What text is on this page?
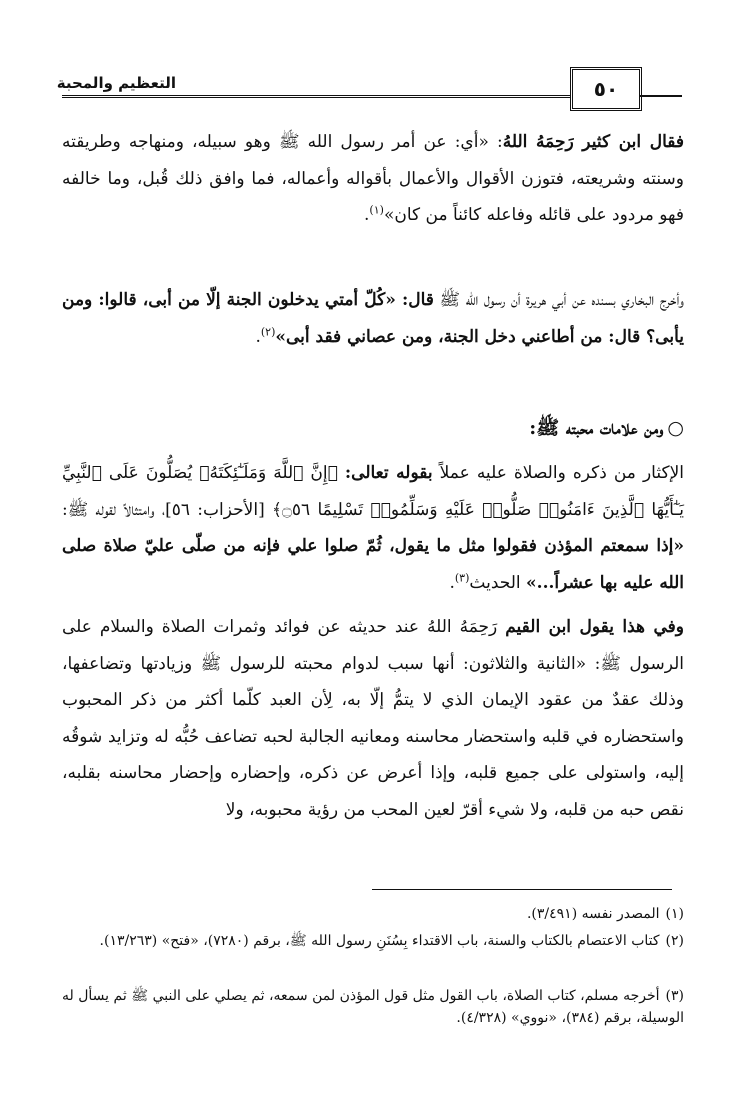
التعظيم والمحبة	٥٠
فقال ابن كثير رَحِمَهُ اللهُ: «أي: عن أمر رسول الله ﷺ وهو سبيله، ومنهاجه وطريقته وسنته وشريعته، فتوزن الأقوال والأعمال بأقواله وأعماله، فما وافق ذلك قُبل، وما خالفه فهو مردود على قائله وفاعله كائناً من كان»$^{(١)}$.
وأخرج البخاري بسنده عن أبي هريرة أن رسول الله ﷺ قال: «كُلّ أمتي يدخلون الجنة إلّا من أبى، قالوا: ومن يأبى؟ قال: من أطاعني دخل الجنة، ومن عصاني فقد أبى»$^{(٢)}$.
○ومن علامات محبته ﷺ:
الإكثار من ذكره والصلاة عليه عملاً بقوله تعالى: ﴿إِنَّ ٱللَّهَ وَمَلَـٰٓئِكَتَهُۥ يُصَلُّونَ عَلَى ٱلنَّبِيِّ يَـٰٓأَيُّهَا ٱلَّذِينَ ءَامَنُوا۟ صَلُّوا۟ عَلَيْهِ وَسَلِّمُوا۟ تَسْلِيمًا ۝٥٦﴾ [الأحزاب: ٥٦]، وامتثالاً لقوله ﷺ: «إذا سمعتم المؤذن فقولوا مثل ما يقول، ثُمّ صلوا علي فإنه من صلّى عليّ صلاة صلى الله عليه بها عشراً...» الحديث$^{(٣)}$.
وفي هذا يقول ابن القيم رَحِمَهُ اللهُ عند حديثه عن فوائد وثمرات الصلاة والسلام على الرسول ﷺ: «الثانية والثلاثون: أنها سبب لدوام محبته للرسول ﷺ وزيادتها وتضاعفها، وذلك عقدٌ من عقود الإيمان الذي لا يتمُّ إلّا به، لِأن العبد كلّما أكثر من ذكر المحبوب واستحضاره في قلبه واستحضار محاسنه ومعانيه الجالبة لحبه تضاعف حُبُّه له وتزايد شوقُه إليه، واستولى على جميع قلبه، وإذا أعرض عن ذكره، وإحضاره وإحضار محاسنه بقلبه، نقص حبه من قلبه، ولا شيء أقرّ لعين المحب من رؤية محبوبه، ولا
(١)المصدر نفسه (٣/٤٩١).
(٢)كتاب الاعتصام بالكتاب والسنة، باب الاقتداء بِسُنَنِ رسول الله ﷺ، برقم (٧٢٨٠)، «فتح» (١٣/٢٦٣).
(٣)أخرجه مسلم، كتاب الصلاة، باب القول مثل قول المؤذن لمن سمعه، ثم يصلي على النبي ﷺ ثم يسأل له الوسيلة، برقم (٣٨٤)، «نووي» (٤/٣٢٨).
